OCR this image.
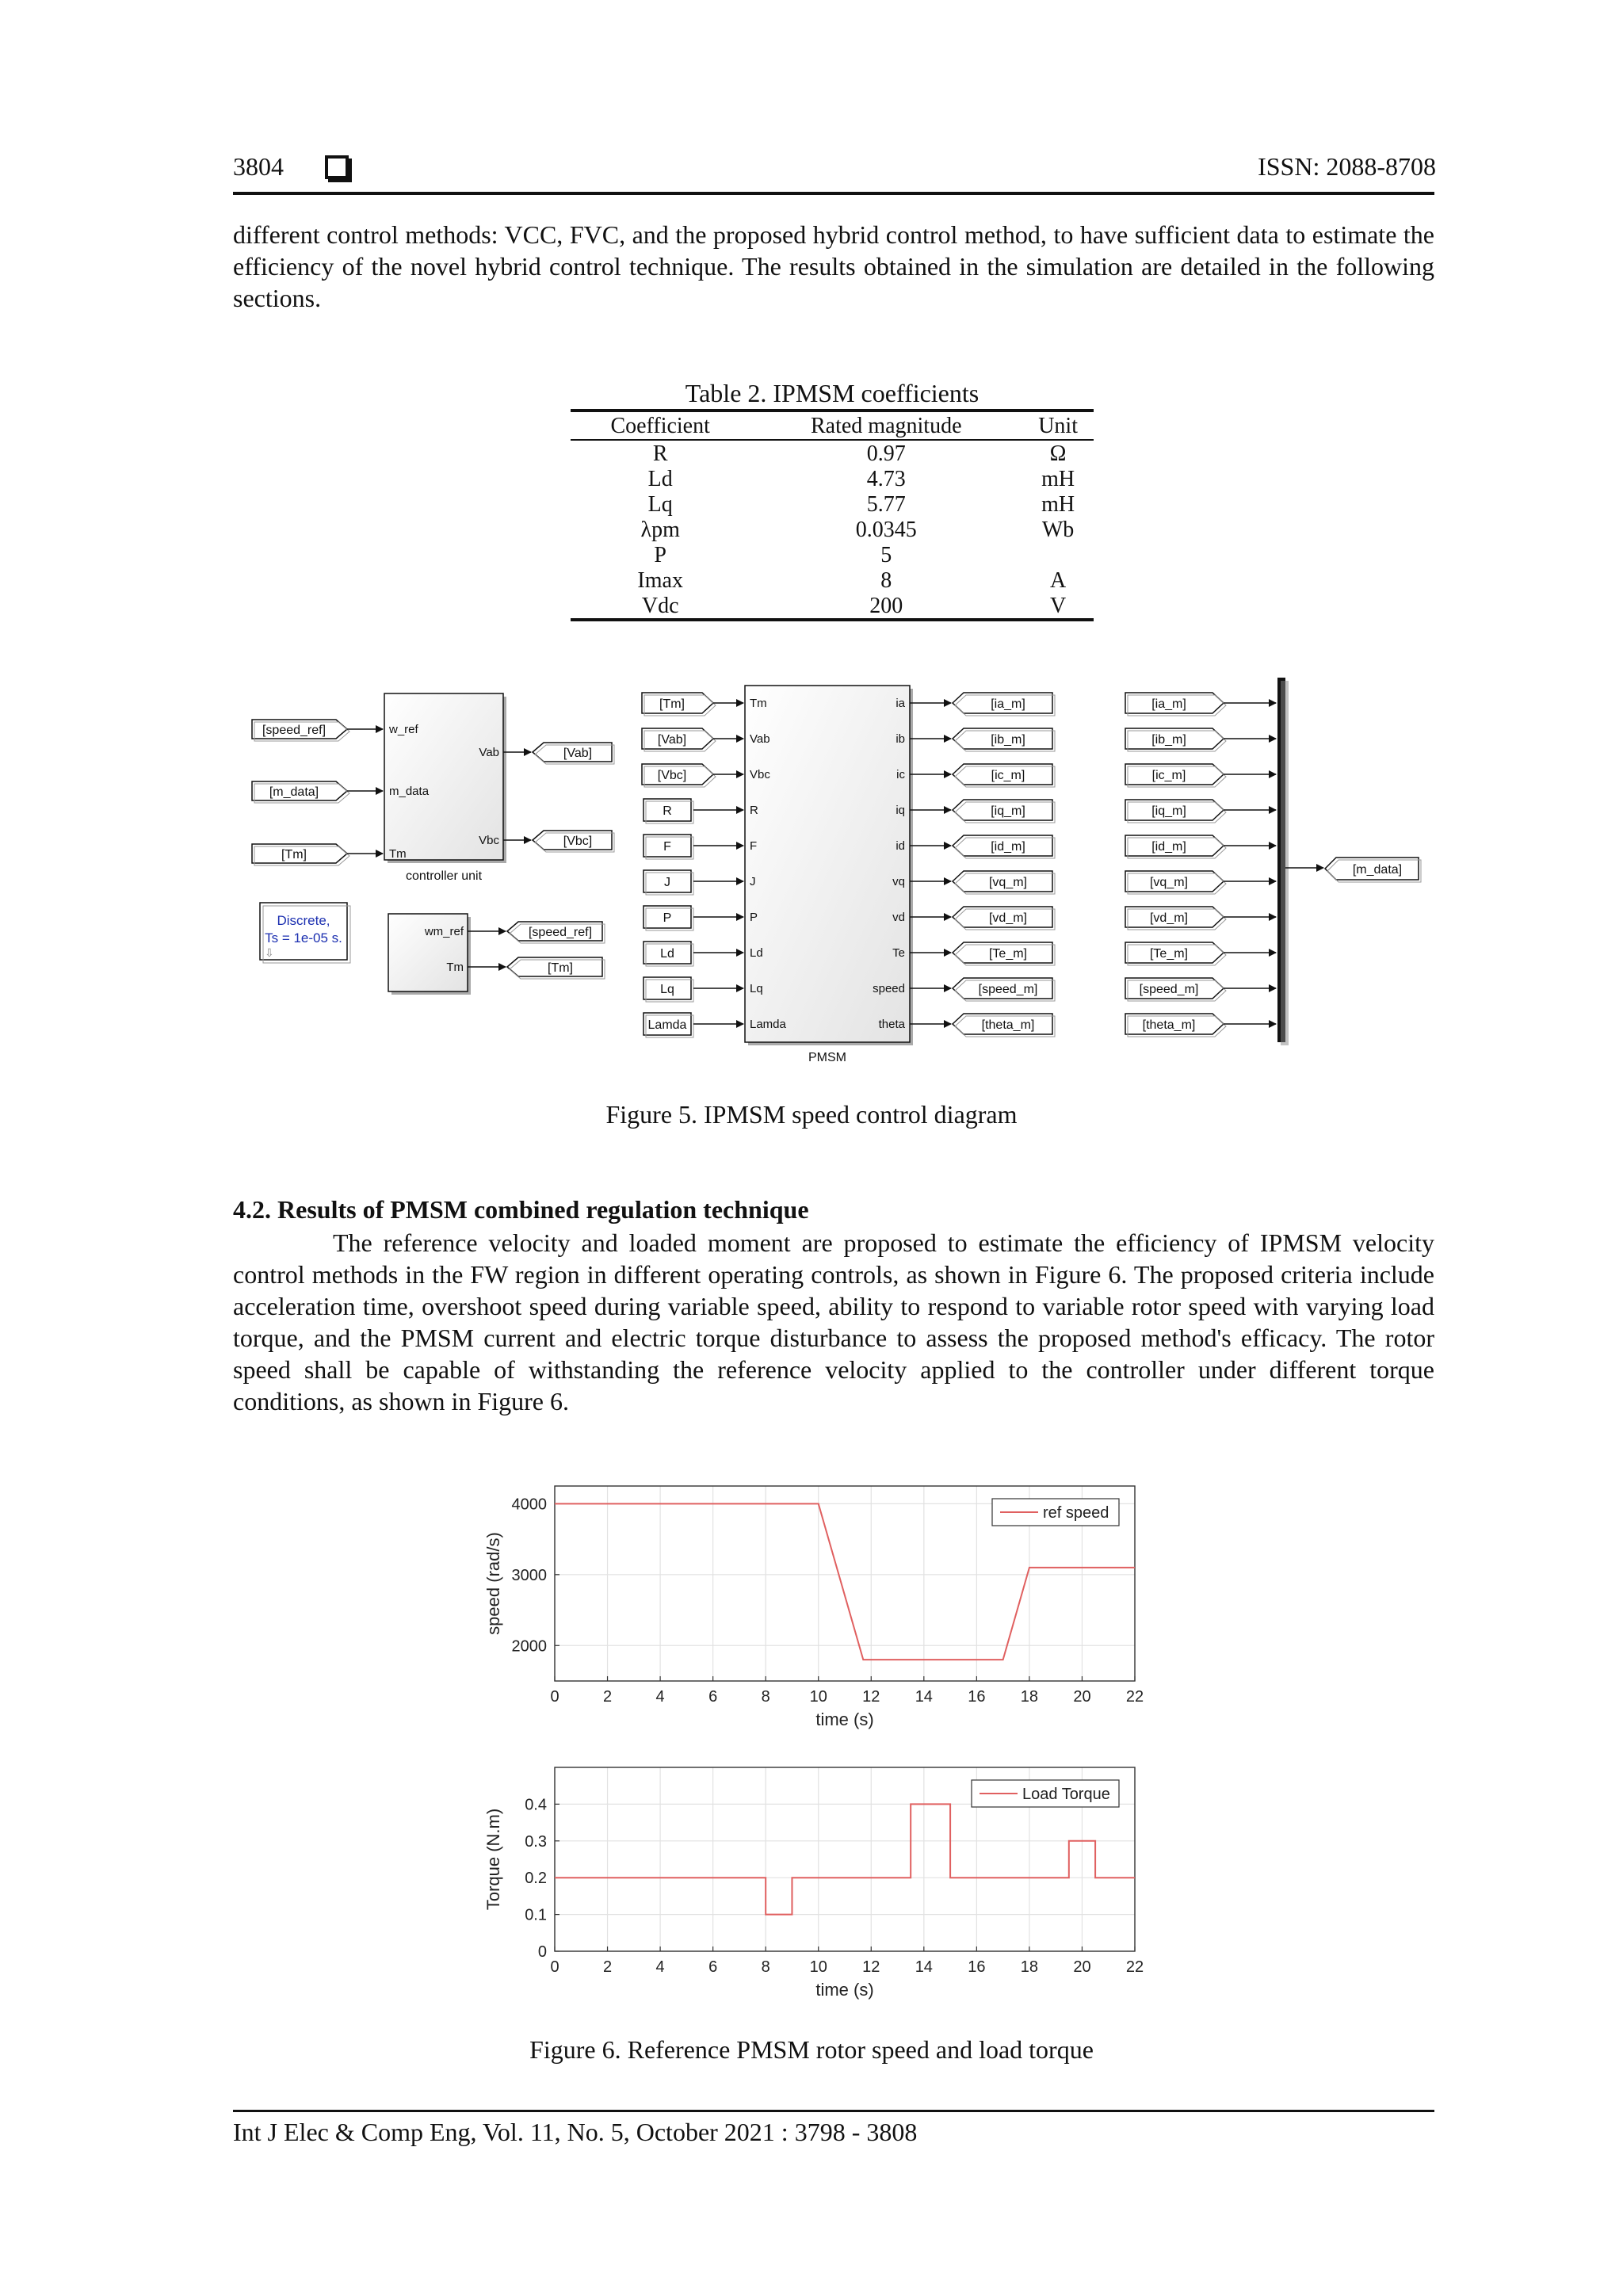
3804	ISSN: 2088-8708
different control methods: VCC, FVC, and the proposed hybrid control method, to have sufficient data to estimate the efficiency of the novel hybrid control technique. The results obtained in the simulation are detailed in the following sections.
Table 2. IPMSM coefficients
Coefficient	Rated magnitude	Unit
R	0.97	Ω
Ld	4.73	mH
Lq	5.77	mH
λpm	0.0345	Wb
P	5	
Imax	8	A
Vdc	200	V
controller unit
w_ref
[speed_ref]
m_data
[m_data]
Tm
[Tm]
Vab	[Vab]
Vbc	[Vbc]
Discrete,
Ts = 1e-05 s.
⇩
wm_ref	[speed_ref]
Tm	[Tm]
PMSM
[Tm]	Tm	ia	[ia_m]
[Vab]	Vab	ib	[ib_m]
[Vbc]	Vbc	ic	[ic_m]
R	R	iq	[iq_m]
F	F	id	[id_m]
J	J	vq	[vq_m]
P	P	vd	[vd_m]
Ld	Ld	Te	[Te_m]
Lq	Lq	speed	[speed_m]
Lamda	Lamda	theta	[theta_m]
[ia_m]
[ib_m]
[ic_m]
[iq_m]
[id_m]
[vq_m]
[vd_m]
[Te_m]
[speed_m]
[theta_m]
[m_data]
Figure 5. IPMSM speed control diagram
4.2. Results of PMSM combined regulation technique
The reference velocity and loaded moment are proposed to estimate the efficiency of IPMSM velocity control methods in the FW region in different operating controls, as shown in Figure 6. The proposed criteria include acceleration time, overshoot speed during variable speed, ability to respond to variable rotor speed with varying load torque, and the PMSM current and electric torque disturbance to assess the proposed method's efficacy. The rotor speed shall be capable of withstanding the reference velocity applied to the controller under different torque conditions, as shown in Figure 6.
0	2	4	6	8 10 12 14 16 18 20 22
2000
3000
4000
time (s)
speed (rad/s)
ref speed
0	2	4	6	8 10 12 14 16 18 20 22
0
0.1
0.2
0.3
0.4
time (s)
Torque (N.m)
Load Torque
Figure 6. Reference PMSM rotor speed and load torque
Int J Elec & Comp Eng, Vol. 11, No. 5, October 2021 : 3798 - 3808
